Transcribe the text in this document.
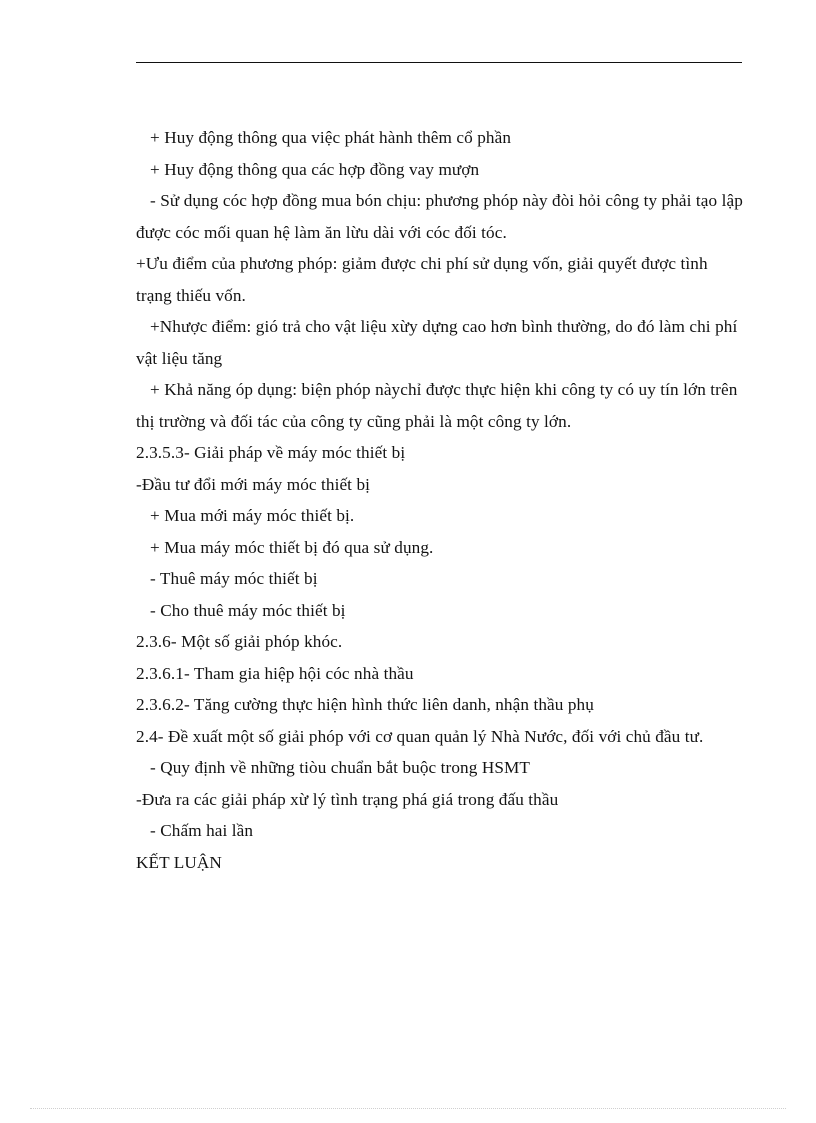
+ Huy động thông qua việc phát hành thêm cổ phần

+ Huy động thông qua các hợp đồng vay mượn

- Sử dụng cóc hợp đồng mua bón chịu: phương phóp này đòi hỏi công ty phải tạo lập được cóc mối quan hệ làm ăn lừu dài với cóc đối tóc.

+Ưu điểm của phương phóp: giảm được chi phí sử dụng vốn, giải quyết được tình trạng thiếu vốn.

+Nhược điểm: gió trả cho vật liệu xừy dựng cao hơn bình thường, do đó làm chi phí vật liệu tăng

+ Khả năng óp dụng: biện phóp nàychỉ được thực hiện khi công ty có uy tín lớn trên thị trường và đối tác của công ty cũng phải là một công ty lớn.

2.3.5.3- Giải pháp về máy móc thiết bị

-Đầu tư đổi mới máy móc thiết bị

+ Mua mới máy móc thiết bị.

+ Mua máy móc thiết bị đó qua sử dụng.

- Thuê máy móc thiết bị

- Cho thuê máy móc thiết bị

2.3.6- Một số giải phóp khóc.

2.3.6.1- Tham gia hiệp hội cóc nhà thầu

2.3.6.2- Tăng cường thực hiện hình thức liên danh, nhận thầu phụ

2.4- Đề xuất một số giải phóp với cơ quan quản lý Nhà Nước, đối với chủ đầu tư.

- Quy định về những tiòu chuẩn bắt buộc trong HSMT

-Đưa ra các giải pháp xừ lý tình trạng phá giá trong đấu thầu

- Chấm hai lần

KẾT LUẬN
